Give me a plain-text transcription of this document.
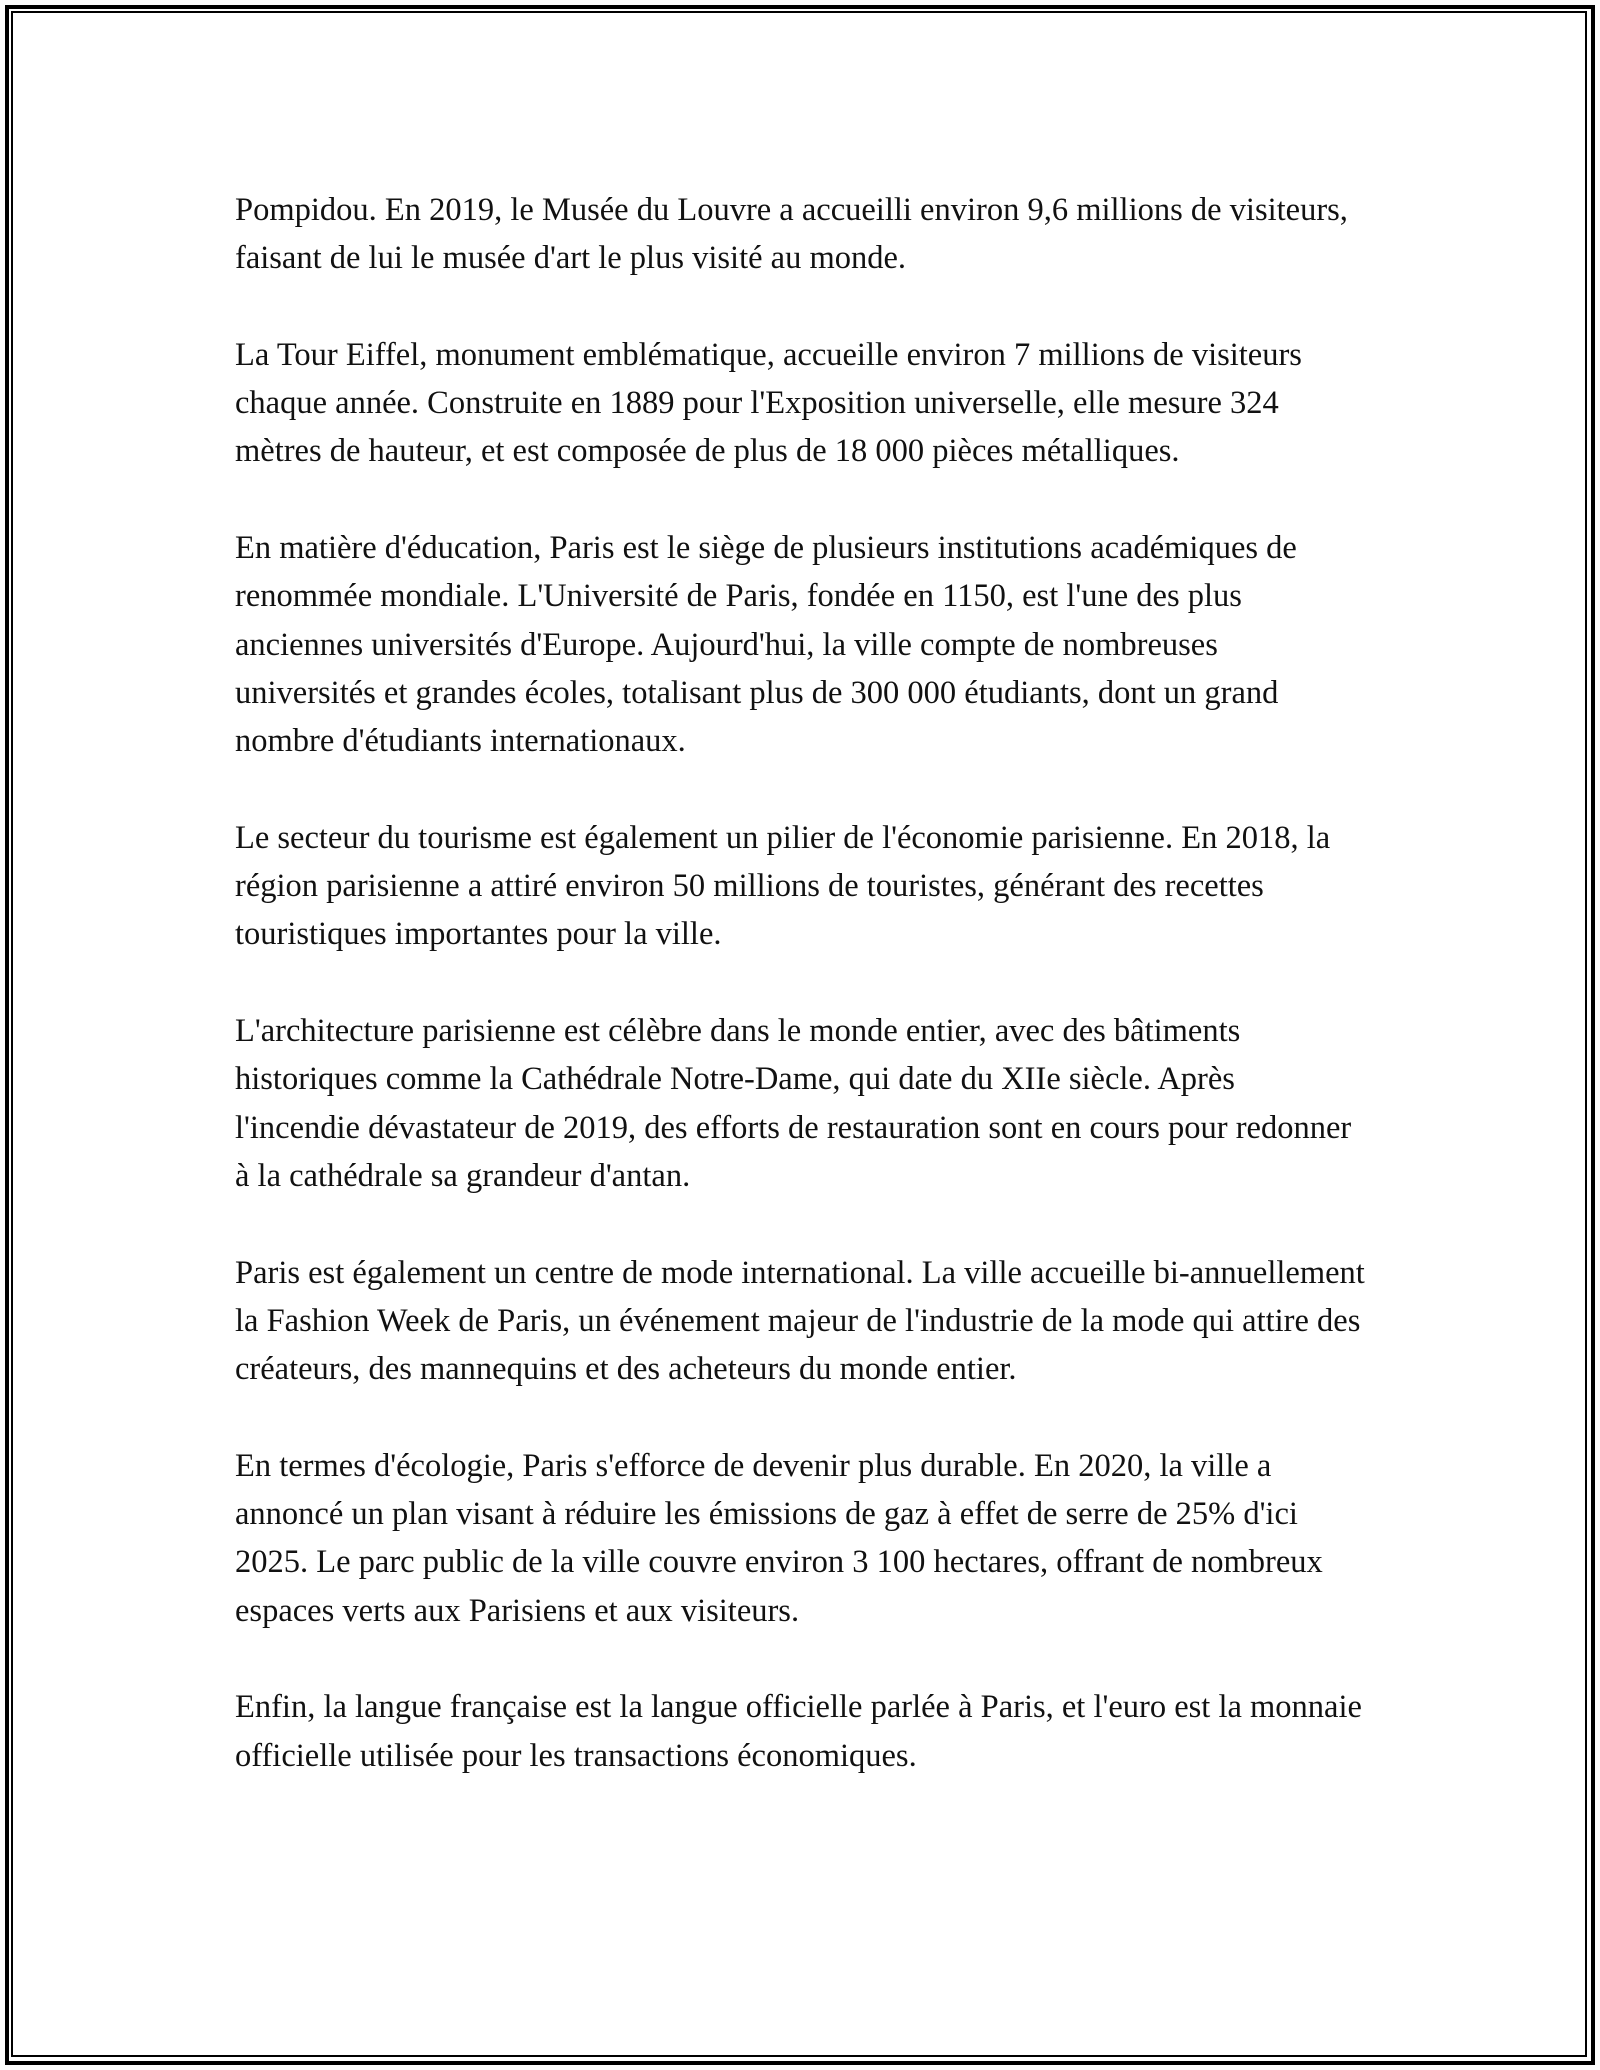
Pompidou. En 2019, le Musée du Louvre a accueilli environ 9,6 millions de visiteurs, faisant de lui le musée d'art le plus visité au monde.

La Tour Eiffel, monument emblématique, accueille environ 7 millions de visiteurs chaque année. Construite en 1889 pour l'Exposition universelle, elle mesure 324 mètres de hauteur, et est composée de plus de 18 000 pièces métalliques.

En matière d'éducation, Paris est le siège de plusieurs institutions académiques de renommée mondiale. L'Université de Paris, fondée en 1150, est l'une des plus anciennes universités d'Europe. Aujourd'hui, la ville compte de nombreuses universités et grandes écoles, totalisant plus de 300 000 étudiants, dont un grand nombre d'étudiants internationaux.

Le secteur du tourisme est également un pilier de l'économie parisienne. En 2018, la région parisienne a attiré environ 50 millions de touristes, générant des recettes touristiques importantes pour la ville.

L'architecture parisienne est célèbre dans le monde entier, avec des bâtiments historiques comme la Cathédrale Notre-Dame, qui date du XIIe siècle. Après l'incendie dévastateur de 2019, des efforts de restauration sont en cours pour redonner à la cathédrale sa grandeur d'antan.

Paris est également un centre de mode international. La ville accueille bi-annuellement la Fashion Week de Paris, un événement majeur de l'industrie de la mode qui attire des créateurs, des mannequins et des acheteurs du monde entier.

En termes d'écologie, Paris s'efforce de devenir plus durable. En 2020, la ville a annoncé un plan visant à réduire les émissions de gaz à effet de serre de 25% d'ici 2025. Le parc public de la ville couvre environ 3 100 hectares, offrant de nombreux espaces verts aux Parisiens et aux visiteurs.

Enfin, la langue française est la langue officielle parlée à Paris, et l'euro est la monnaie officielle utilisée pour les transactions économiques.
